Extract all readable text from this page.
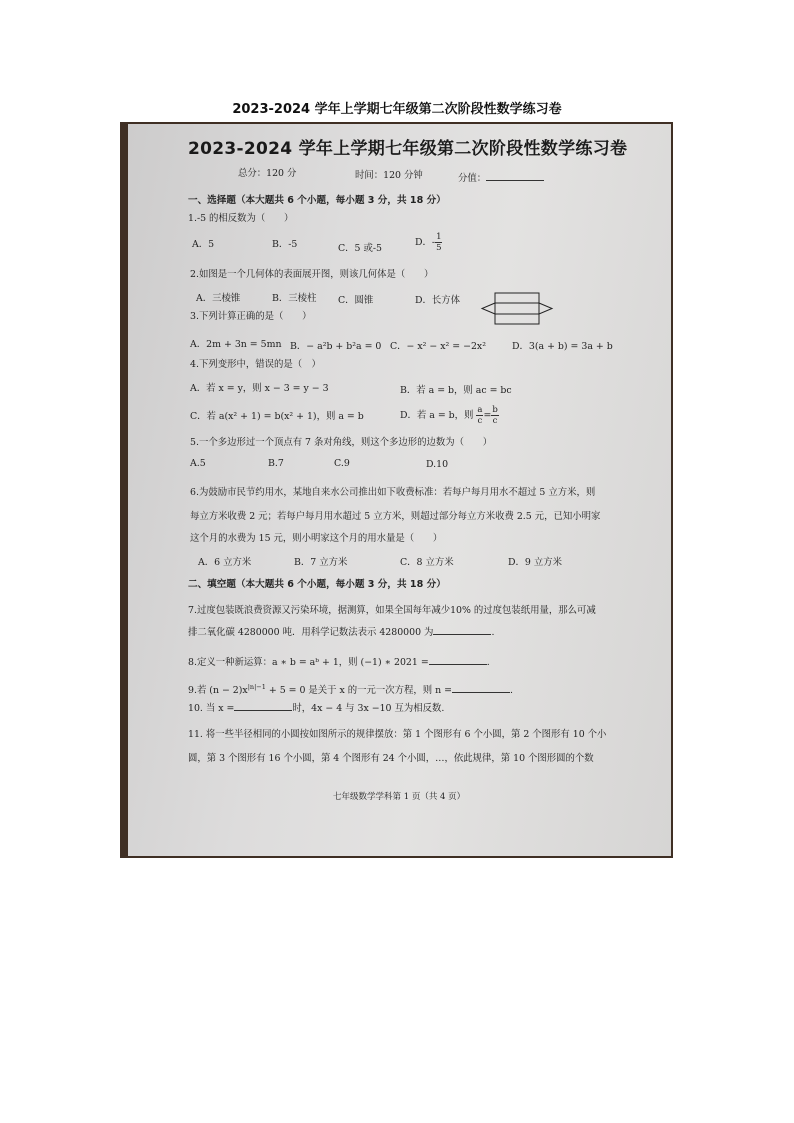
2023-2024 学年上学期七年级第二次阶段性数学练习卷
2023-2024 学年上学期七年级第二次阶段性数学练习卷
总分：120 分	时间：120 分钟	分值：
一、选择题（本大题共 6 个小题，每小题 3 分，共 18 分）
1.-5 的相反数为（　　）
A．5	B．-5	C．5 或-5
D．- $\frac{1}{5}$
2.如图是一个几何体的表面展开图，则该几何体是（　　）
A．三棱锥	B．三棱柱 C．圆锥	D．长方体
3.下列计算正确的是（　　）
A．2m + 3n = 5mn B．− a²b + b²a = 0 C．− x² − x² = −2x²	D．3(a + b) = 3a + b
4.下列变形中，错误的是（　）
A．若 x = y，则 x − 3 = y − 3	B．若 a = b，则 ac = bc
C．若 a(x² + 1) = b(x² + 1)，则 a = b	D．若 a = b，则 $\frac{a}{c} = \frac{b}{c}$
5.一个多边形过一个顶点有 7 条对角线，则这个多边形的边数为（　　）
A.5	B.7	C.9	D.10
6.为鼓励市民节约用水，某地自来水公司推出如下收费标准：若每户每月用水不超过 5 立方米，则
每立方米收费 2 元；若每户每月用水超过 5 立方米，则超过部分每立方米收费 2.5 元，已知小明家
这个月的水费为 15 元，则小明家这个月的用水量是（　　）
A．6 立方米	B．7 立方米	C．8 立方米	D．9 立方米
二、填空题（本大题共 6 个小题，每小题 3 分，共 18 分）
7.过度包装既浪费资源又污染环境，据测算，如果全国每年减少10% 的过度包装纸用量，那么可减
排二氧化碳 4280000 吨．用科学记数法表示 4280000 为	.
8.定义一种新运算：a ∗ b = aᵇ + 1，则 (−1) ∗ 2021 =	.
9.若 $(n - 2)x^{|n|-1} + 5 = 0$ 是关于 x 的一元一次方程，则 n =	.
10. 当 x =	时，4x − 4 与 3x −10 互为相反数.
11. 将一些半径相同的小圆按如图所示的规律摆放：第 1 个图形有 6 个小圆，第 2 个图形有 10 个小
圆，第 3 个图形有 16 个小圆，第 4 个图形有 24 个小圆，…，依此规律，第 10 个图形圆的个数
七年级数学学科第 1 页（共 4 页）
